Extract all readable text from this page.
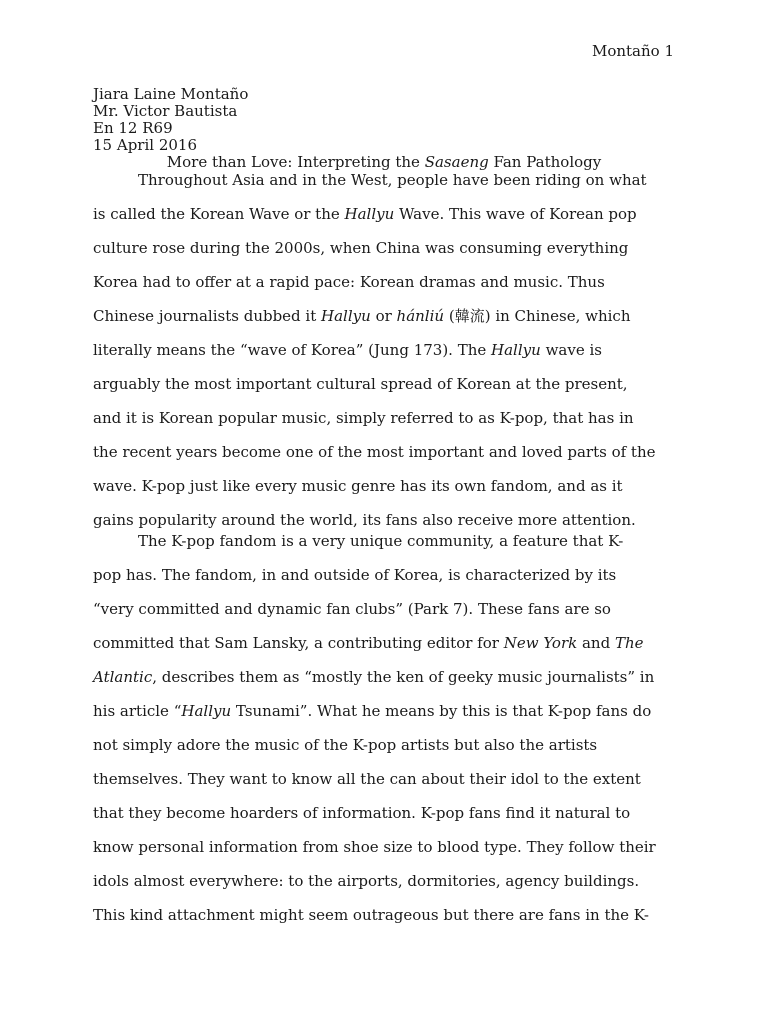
Montaño 1
Jiara Laine Montaño
Mr. Victor Bautista
En 12 R69
15 April 2016
More than Love: Interpreting the Sasaeng Fan Pathology
Throughout Asia and in the West, people have been riding on what
is called the Korean Wave or the Hallyu Wave. This wave of Korean pop
culture rose during the 2000s, when China was consuming everything
Korea had to offer at a rapid pace: Korean dramas and music. Thus
Chinese journalists dubbed it Hallyu or hánliú (韓流) in Chinese, which
literally means the “wave of Korea” (Jung 173). The Hallyu wave is
arguably the most important cultural spread of Korean at the present,
and it is Korean popular music, simply referred to as K-pop, that has in
the recent years become one of the most important and loved parts of the
wave. K-pop just like every music genre has its own fandom, and as it
gains popularity around the world, its fans also receive more attention.
The K-pop fandom is a very unique community, a feature that K-
pop has. The fandom, in and outside of Korea, is characterized by its
“very committed and dynamic fan clubs” (Park 7). These fans are so
committed that Sam Lansky, a contributing editor for New York and The
Atlantic, describes them as “mostly the ken of geeky music journalists” in
his article “Hallyu Tsunami”. What he means by this is that K-pop fans do
not simply adore the music of the K-pop artists but also the artists
themselves. They want to know all the can about their idol to the extent
that they become hoarders of information. K-pop fans find it natural to
know personal information from shoe size to blood type. They follow their
idols almost everywhere: to the airports, dormitories, agency buildings.
This kind attachment might seem outrageous but there are fans in the K-
